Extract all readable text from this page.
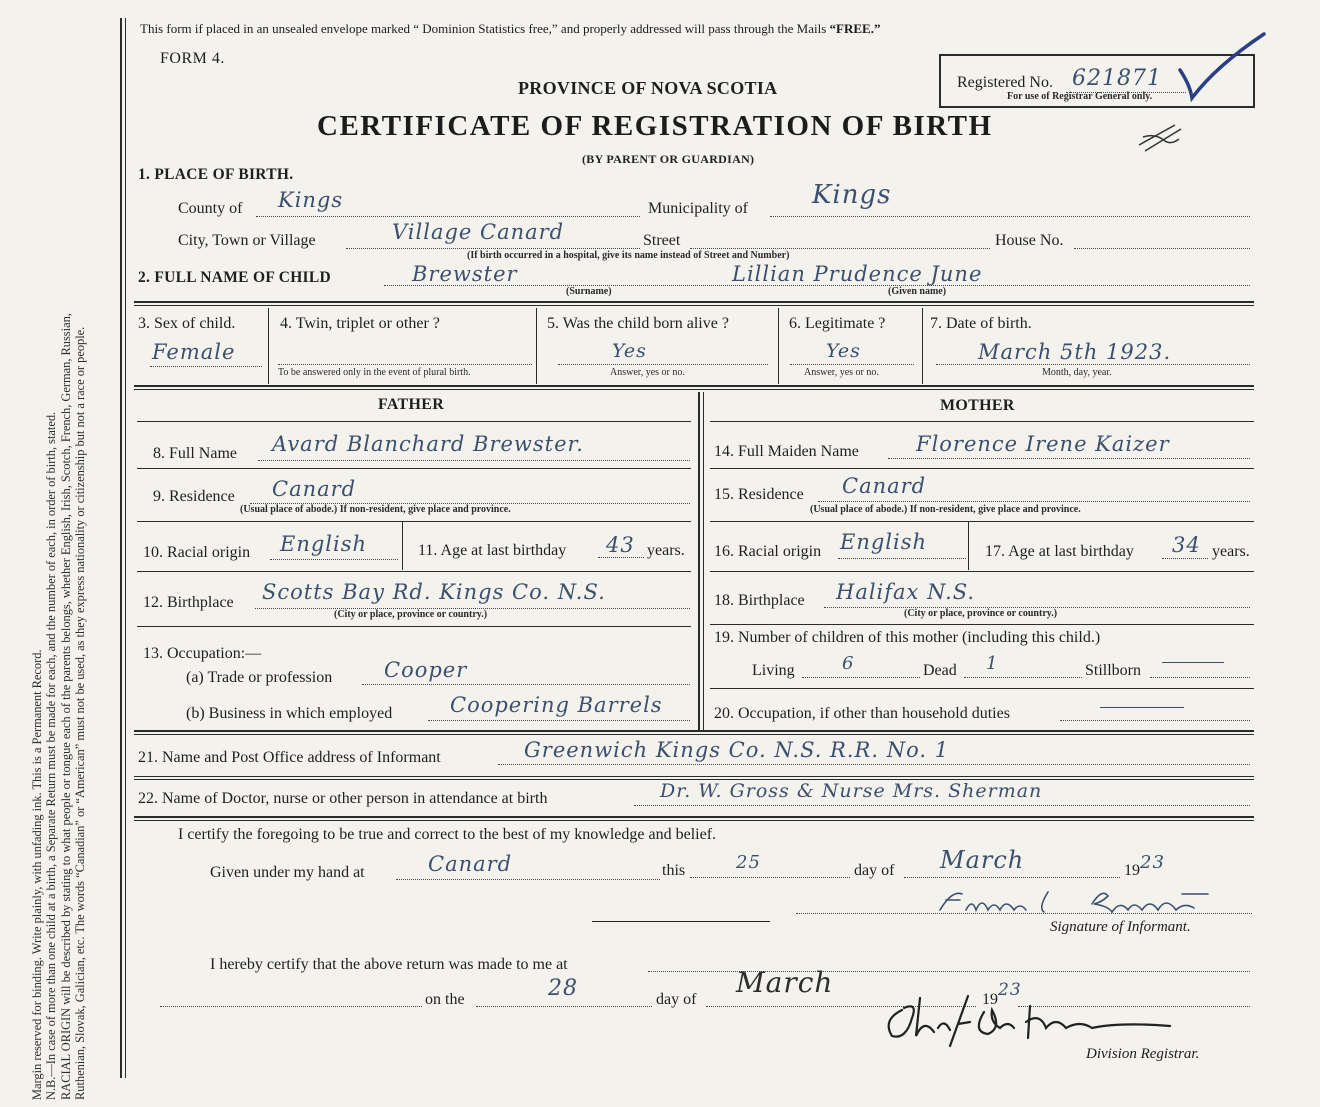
Margin reserved for binding. Write plainly, with unfading ink. This is a Permanent Record. N.B.—In case of more than one child at a birth, a Separate Return must be made for each, and the number of each, in order of birth, stated. RACIAL ORIGIN will be described by stating to what people or tongue each of the parents belongs, whether English, Irish, Scotch, French, German, Russian, Ruthenian, Slovak, Galician, etc. The words “Canadian” or “American” must not be used, as they express nationality or citizenship but not a race or people.
This form if placed in an unsealed envelope marked “ Dominion Statistics free,” and properly addressed will pass through the Mails “FREE.”
FORM 4.
PROVINCE OF NOVA SCOTIA
CERTIFICATE OF REGISTRATION OF BIRTH
(BY PARENT OR GUARDIAN)
Registered No. 621871
For use of Registrar General only.
1. PLACE OF BIRTH.
County of Kings	Municipality of Kings
City, Town or Village	Village Canard	Street	House No.
(If birth occurred in a hospital, give its name instead of Street and Number)
2. FULL NAME OF CHILD	Brewster
(Surname)
Lillian Prudence June
(Given name)
3. Sex of child.
Female
4. Twin, triplet or other ?
To be answered only in the event of plural birth.
5. Was the child born alive ?
Yes
Answer, yes or no.
6. Legitimate ?
Yes
Answer, yes or no.
7. Date of birth.
March 5th 1923.
Month, day, year.
FATHER	MOTHER
8. Full Name Avard Blanchard Brewster.
9. Residence Canard
(Usual place of abode.) If non-resident, give place and province.
10. Racial origin English	11. Age at last birthday 43 years.
12. Birthplace Scotts Bay Rd. Kings Co. N.S.
(City or place, province or country.)
13. Occupation:—
(a) Trade or profession Cooper
(b) Business in which employed	Coopering Barrels
14. Full Maiden Name	Florence Irene Kaizer
15. Residence Canard
(Usual place of abode.) If non-resident, give place and province.
16. Racial origin English	17. Age at last birthday 34 years.
18. Birthplace Halifax N.S.
(City or place, province or country.)
19. Number of children of this mother (including this child.)
Living	6	Dead 1	Stillborn
20. Occupation, if other than household duties
21. Name and Post Office address of Informant	Greenwich Kings Co. N.S. R.R. No. 1
22. Name of Doctor, nurse or other person in attendance at birth	Dr. W. Gross & Nurse Mrs. Sherman
I certify the foregoing to be true and correct to the best of my knowledge and belief.
Given under my hand at	Canard	this	25	day of March	19 23
Signature of Informant.
I hereby certify that the above return was made to me at
on the	28	day of
March
19 23
Division Registrar.
